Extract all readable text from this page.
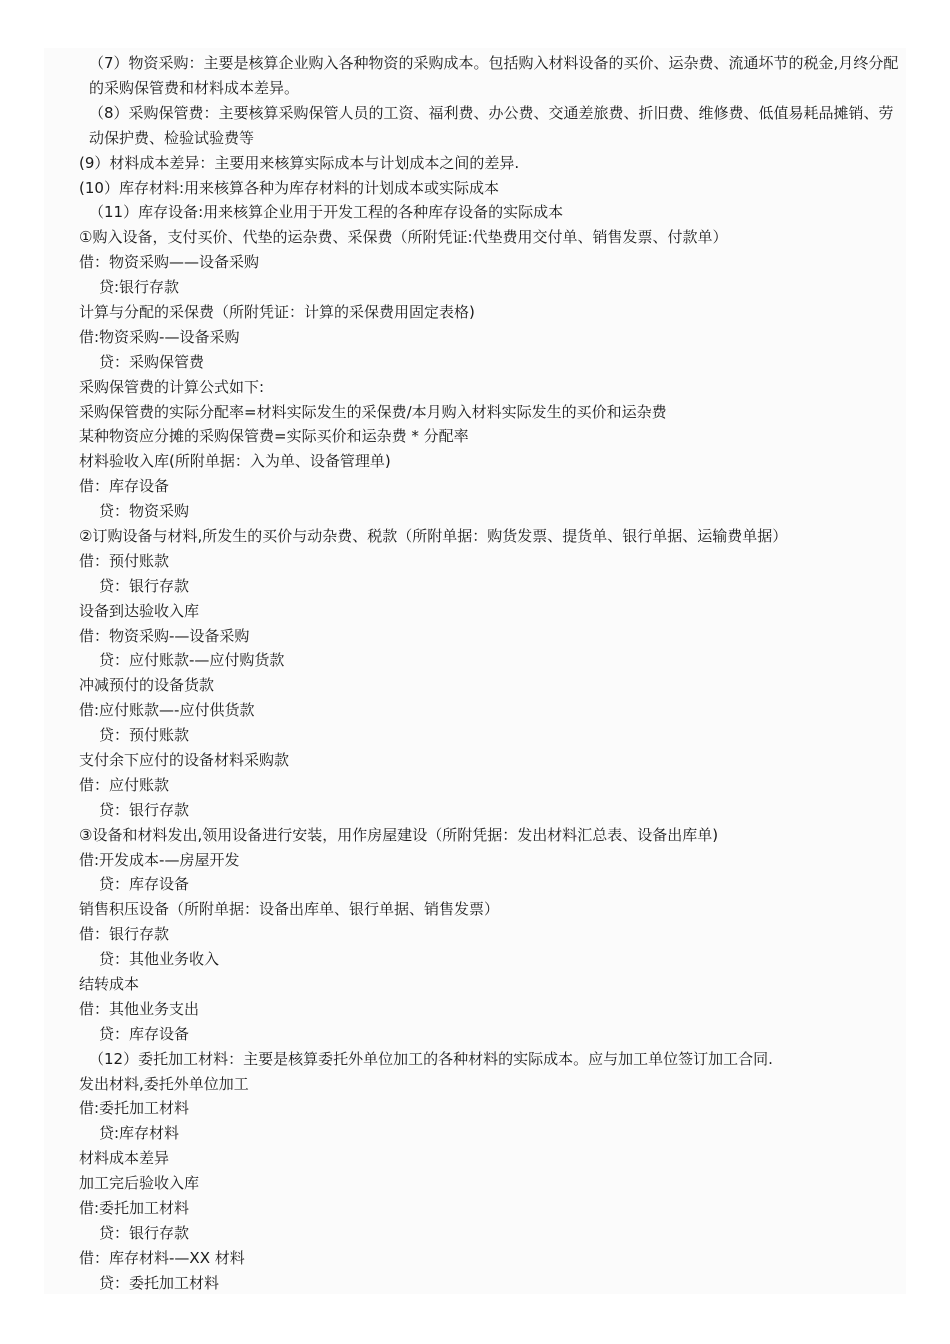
（7）物资采购：主要是核算企业购入各种物资的采购成本。包括购入材料设备的买价、运杂费、流通坏节的税金,月终分配的采购保管费和材料成本差异。
（8）采购保管费：主要核算采购保管人员的工资、福利费、办公费、交通差旅费、折旧费、维修费、低值易耗品摊销、劳动保护费、检验试验费等
(9）材料成本差异：主要用来核算实际成本与计划成本之间的差异.
(10）库存材料:用来核算各种为库存材料的计划成本或实际成本
（11）库存设备:用来核算企业用于开发工程的各种库存设备的实际成本
①购入设备，支付买价、代垫的运杂费、采保费（所附凭证:代垫费用交付单、销售发票、付款单）
借：物资采购——设备采购
贷:银行存款
计算与分配的采保费（所附凭证：计算的采保费用固定表格)
借:物资采购-—设备采购
贷：采购保管费
采购保管费的计算公式如下:
采购保管费的实际分配率=材料实际发生的采保费/本月购入材料实际发生的买价和运杂费
某种物资应分摊的采购保管费=实际买价和运杂费 * 分配率
材料验收入库(所附单据：入为单、设备管理单)
借：库存设备
贷：物资采购
②订购设备与材料,所发生的买价与动杂费、税款（所附单据：购货发票、提货单、银行单据、运输费单据）
借：预付账款
贷：银行存款
设备到达验收入库
借：物资采购-—设备采购
贷：应付账款-—应付购货款
冲减预付的设备货款
借:应付账款—-应付供货款
贷：预付账款
支付余下应付的设备材料采购款
借：应付账款
贷：银行存款
③设备和材料发出,领用设备进行安装，用作房屋建设（所附凭据：发出材料汇总表、设备出库单)
借:开发成本-—房屋开发
贷：库存设备
销售积压设备（所附单据：设备出库单、银行单据、销售发票）
借：银行存款
贷：其他业务收入
结转成本
借：其他业务支出
贷：库存设备
（12）委托加工材料：主要是核算委托外单位加工的各种材料的实际成本。应与加工单位签订加工合同.
发出材料,委托外单位加工
借:委托加工材料
贷:库存材料
材料成本差异
加工完后验收入库
借:委托加工材料
贷：银行存款
借：库存材料-—XX 材料
贷：委托加工材料
